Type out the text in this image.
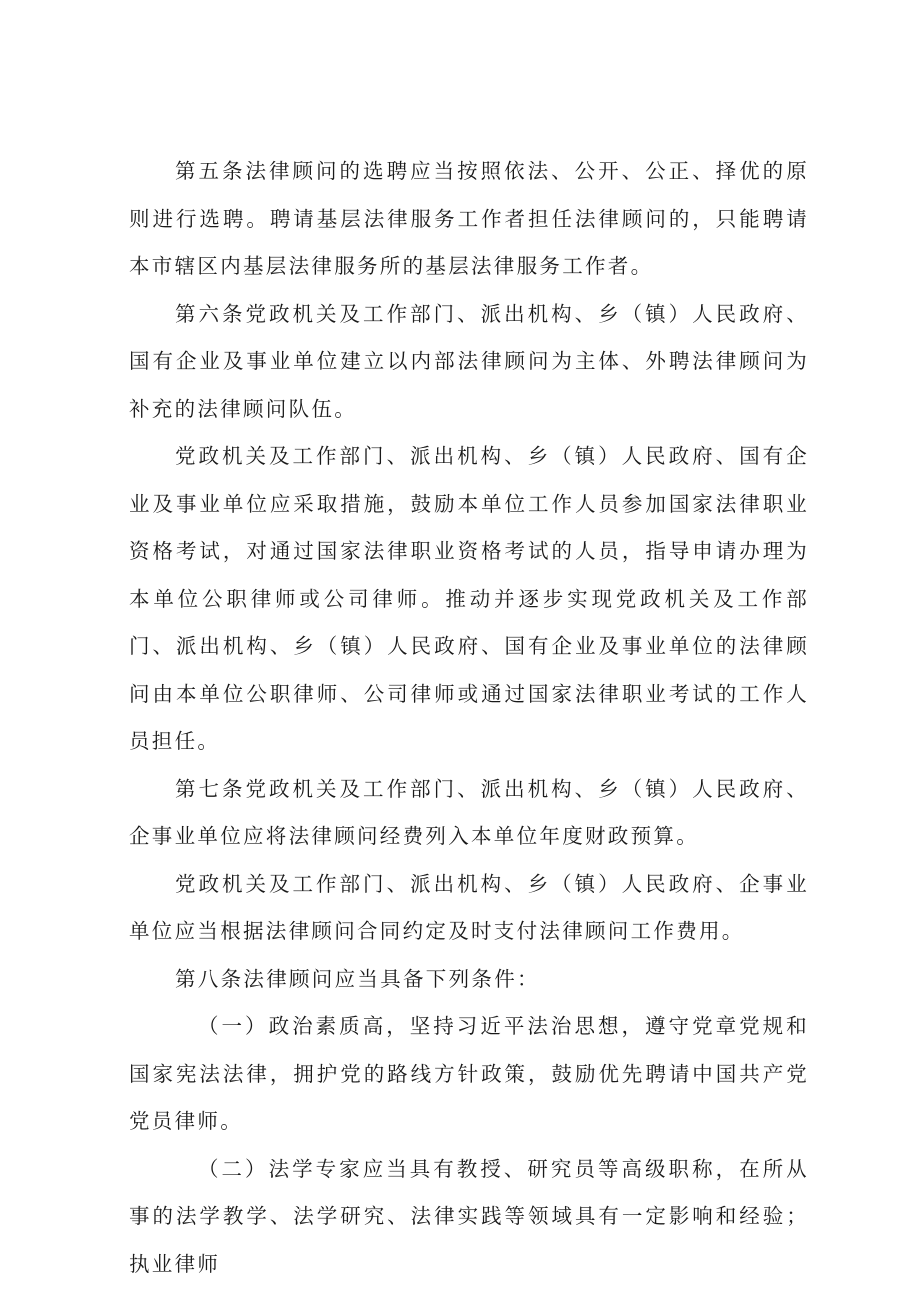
第五条法律顾问的选聘应当按照依法、公开、公正、择优的原则进行选聘。聘请基层法律服务工作者担任法律顾问的，只能聘请本市辖区内基层法律服务所的基层法律服务工作者。

第六条党政机关及工作部门、派出机构、乡（镇）人民政府、国有企业及事业单位建立以内部法律顾问为主体、外聘法律顾问为补充的法律顾问队伍。

党政机关及工作部门、派出机构、乡（镇）人民政府、国有企业及事业单位应采取措施，鼓励本单位工作人员参加国家法律职业资格考试，对通过国家法律职业资格考试的人员，指导申请办理为本单位公职律师或公司律师。推动并逐步实现党政机关及工作部门、派出机构、乡（镇）人民政府、国有企业及事业单位的法律顾问由本单位公职律师、公司律师或通过国家法律职业考试的工作人员担任。

第七条党政机关及工作部门、派出机构、乡（镇）人民政府、企事业单位应将法律顾问经费列入本单位年度财政预算。

党政机关及工作部门、派出机构、乡（镇）人民政府、企事业单位应当根据法律顾问合同约定及时支付法律顾问工作费用。

第八条法律顾问应当具备下列条件：

（一）政治素质高，坚持习近平法治思想，遵守党章党规和国家宪法法律，拥护党的路线方针政策，鼓励优先聘请中国共产党党员律师。

（二）法学专家应当具有教授、研究员等高级职称，在所从事的法学教学、法学研究、法律实践等领域具有一定影响和经验；执业律师
